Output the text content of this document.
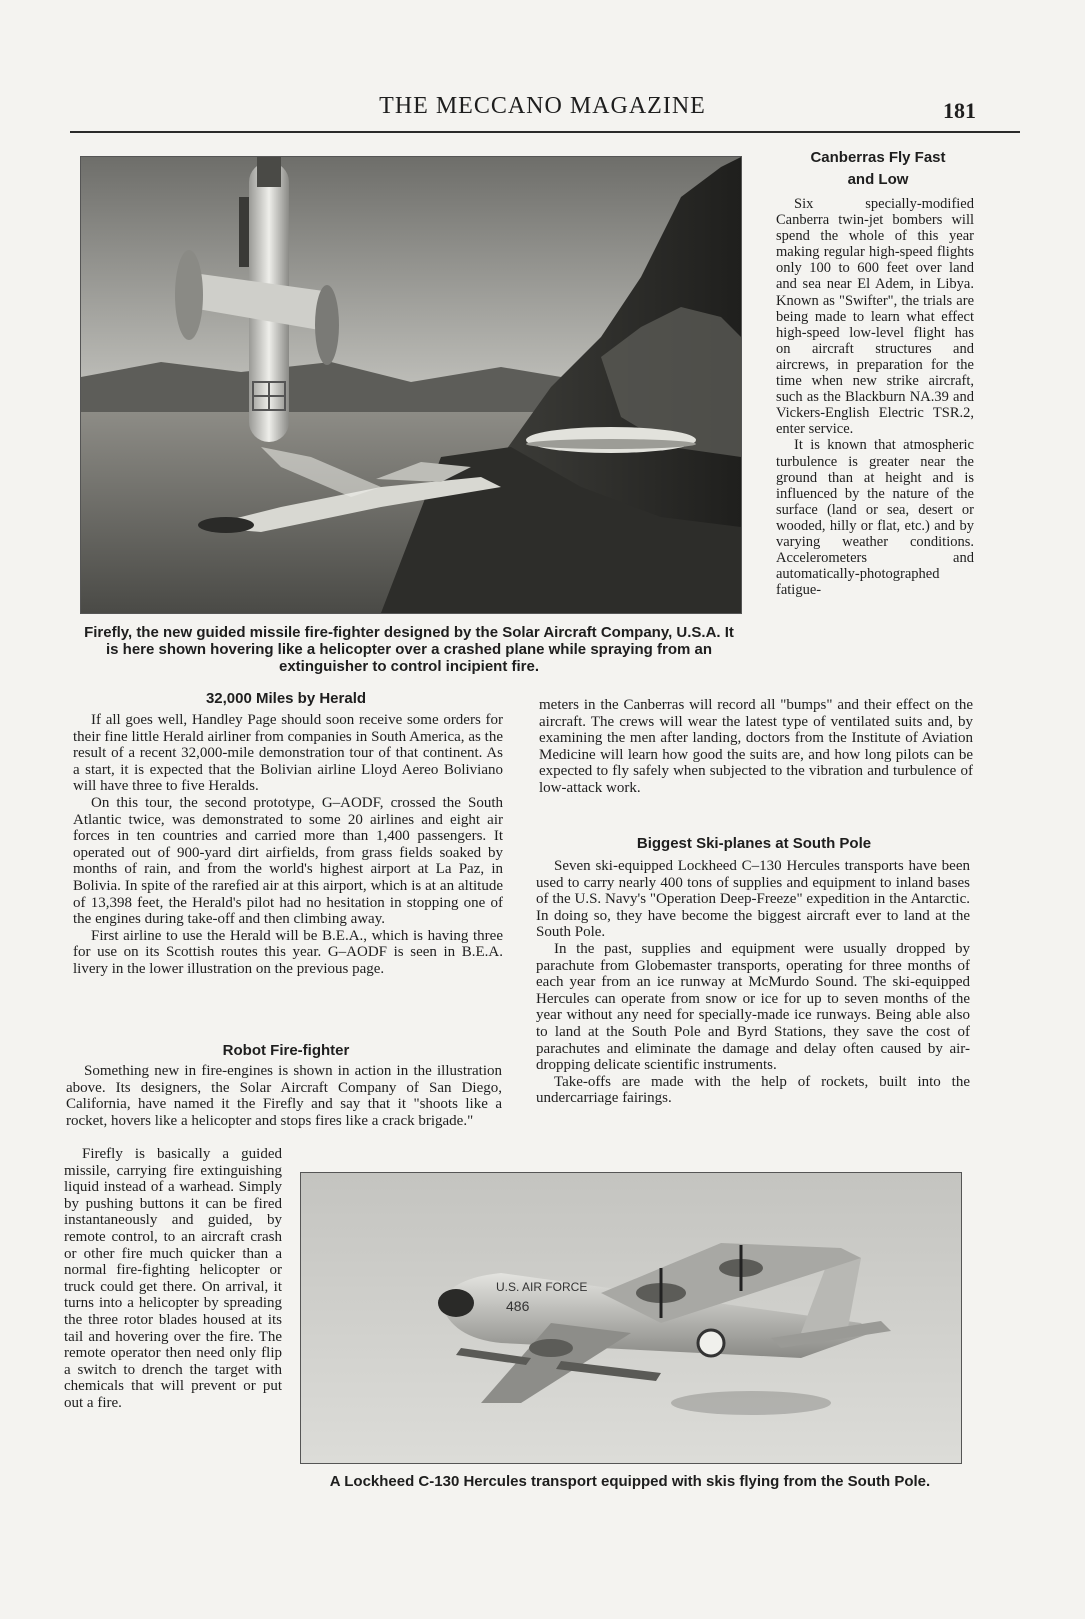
THE MECCANO MAGAZINE	181
Firefly, the new guided missile fire-fighter designed by the Solar Aircraft Company, U.S.A. It is here shown hovering like a helicopter over a crashed plane while spraying from an extinguisher to control incipient fire.
Canberras Fly Fast
and Low

Six specially-modified Canberra twin-jet bombers will spend the whole of this year making regular high-speed flights only 100 to 600 feet over land and sea near El Adem, in Libya. Known as "Swifter", the trials are being made to learn what effect high-speed low-level flight has on aircraft structures and aircrews, in preparation for the time when new strike aircraft, such as the Blackburn NA.39 and Vickers-English Electric TSR.2, enter service.

It is known that atmospheric turbulence is greater near the ground than at height and is influenced by the nature of the surface (land or sea, desert or wooded, hilly or flat, etc.) and by varying weather conditions. Accelerometers and automatically-photographed fatigue-

meters in the Canberras will record all "bumps" and their effect on the aircraft. The crews will wear the latest type of ventilated suits and, by examining the men after landing, doctors from the Institute of Aviation Medicine will learn how good the suits are, and how long pilots can be expected to fly safely when subjected to the vibration and turbulence of low-attack work.

32,000 Miles by Herald

If all goes well, Handley Page should soon receive some orders for their fine little Herald airliner from companies in South America, as the result of a recent 32,000-mile demonstration tour of that continent. As a start, it is expected that the Bolivian airline Lloyd Aereo Boliviano will have three to five Heralds.

On this tour, the second prototype, G–AODF, crossed the South Atlantic twice, was demonstrated to some 20 airlines and eight air forces in ten countries and carried more than 1,400 passengers. It operated out of 900-yard dirt airfields, from grass fields soaked by months of rain, and from the world's highest airport at La Paz, in Bolivia. In spite of the rarefied air at this airport, which is at an altitude of 13,398 feet, the Herald's pilot had no hesitation in stopping one of the engines during take-off and then climbing away.

First airline to use the Herald will be B.E.A., which is having three for use on its Scottish routes this year. G–AODF is seen in B.E.A. livery in the lower illustration on the previous page.

Robot Fire-fighter

Something new in fire-engines is shown in action in the illustration above. Its designers, the Solar Aircraft Company of San Diego, California, have named it the Firefly and say that it "shoots like a rocket, hovers like a helicopter and stops fires like a crack brigade."

Firefly is basically a guided missile, carrying fire extinguishing liquid instead of a warhead. Simply by pushing buttons it can be fired instantaneously and guided, by remote control, to an aircraft crash or other fire much quicker than a normal fire-fighting helicopter or truck could get there. On arrival, it turns into a helicopter by spreading the three rotor blades housed at its tail and hovering over the fire. The remote operator then need only flip a switch to drench the target with chemicals that will prevent or put out a fire.

Biggest Ski-planes at South Pole

Seven ski-equipped Lockheed C–130 Hercules transports have been used to carry nearly 400 tons of supplies and equipment to inland bases of the U.S. Navy's "Operation Deep-Freeze" expedition in the Antarctic. In doing so, they have become the biggest aircraft ever to land at the South Pole.

In the past, supplies and equipment were usually dropped by parachute from Globemaster transports, operating for three months of each year from an ice runway at McMurdo Sound. The ski-equipped Hercules can operate from snow or ice for up to seven months of the year without any need for specially-made ice runways. Being able also to land at the South Pole and Byrd Stations, they save the cost of parachutes and eliminate the damage and delay often caused by air-dropping delicate scientific instruments.

Take-offs are made with the help of rockets, built into the undercarriage fairings.

U.S. AIR FORCE
486
A Lockheed C-130 Hercules transport equipped with skis flying from the South Pole.
